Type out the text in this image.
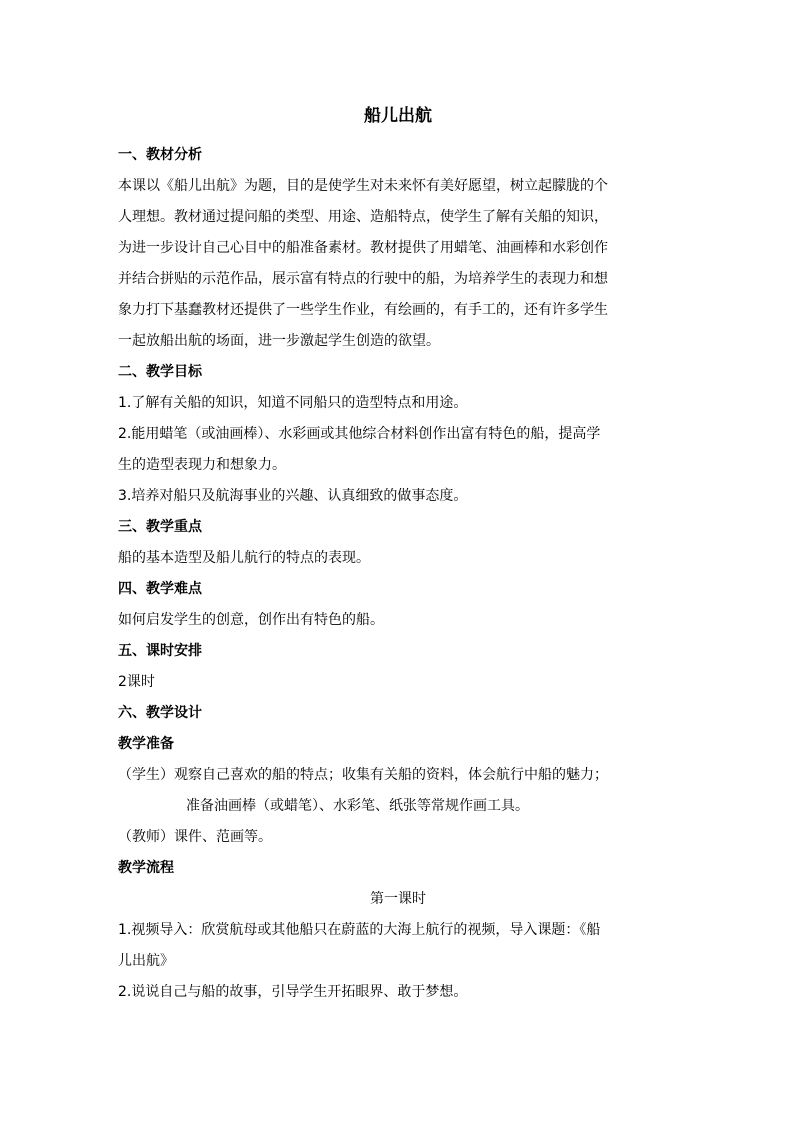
船儿出航

一、教材分析

本课以《船儿出航》为题，目的是使学生对未来怀有美好愿望，树立起朦胧的个

人理想。教材通过提问船的类型、用途、造船特点，使学生了解有关船的知识，

为进一步设计自己心目中的船准备素材。教材提供了用蜡笔、油画棒和水彩创作

并结合拼贴的示范作品，展示富有特点的行驶中的船，为培养学生的表现力和想

象力打下基蠢教材还提供了一些学生作业，有绘画的，有手工的，还有许多学生

一起放船出航的场面，进一步激起学生创造的欲望。

二、教学目标

1.了解有关船的知识，知道不同船只的造型特点和用途。

2.能用蜡笔（或油画棒）、水彩画或其他综合材料创作出富有特色的船，提高学

生的造型表现力和想象力。

3.培养对船只及航海事业的兴趣、认真细致的做事态度。

三、教学重点

船的基本造型及船儿航行的特点的表现。

四、教学难点

如何启发学生的创意，创作出有特色的船。

五、课时安排

2课时

六、教学设计

教学准备

（学生）观察自己喜欢的船的特点；收集有关船的资料，体会航行中船的魅力；

准备油画棒（或蜡笔）、水彩笔、纸张等常规作画工具。

（教师）课件、范画等。

教学流程

第一课时

1.视频导入：欣赏航母或其他船只在蔚蓝的大海上航行的视频，导入课题：《船

儿出航》

2.说说自己与船的故事，引导学生开拓眼界、敢于梦想。
